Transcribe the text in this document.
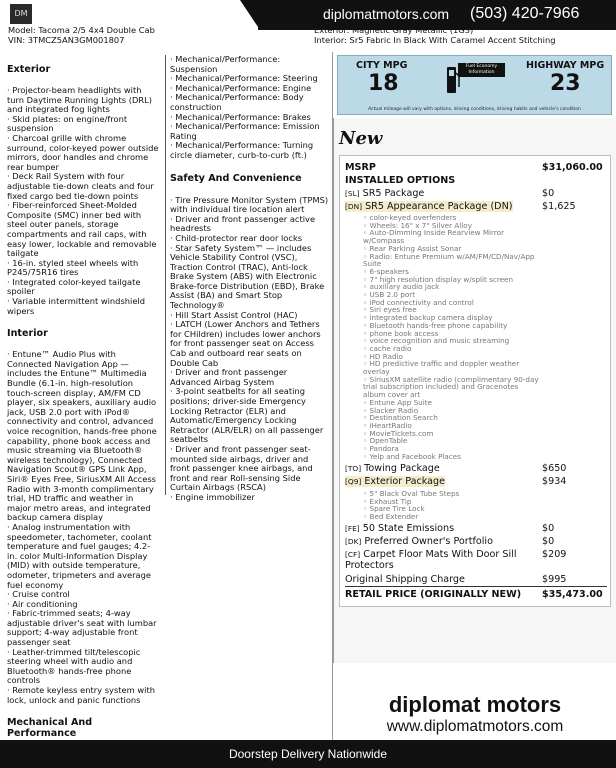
DM	diplomatmotors.com (503) 420-7966
Model: Tacoma 2/5 4x4 Double Cab
VIN: 3TMCZ5AN3GM001807
Exterior: Magnetic Gray Metallic (1G3)
Interior: Sr5 Fabric In Black With Caramel Accent Stitching
Exterior
· Projector-beam headlights with turn Daytime Running Lights (DRL) and integrated fog lights
· Skid plates: on engine/front suspension
· Charcoal grille with chrome surround, color-keyed power outside mirrors, door handles and chrome rear bumper
· Deck Rail System with four adjustable tie-down cleats and four fixed cargo bed tie-down points
· Fiber-reinforced Sheet-Molded Composite (SMC) inner bed with steel outer panels, storage compartments and rail caps, with easy lower, lockable and removable tailgate
· 16-in. styled steel wheels with P245/75R16 tires
· Integrated color-keyed tailgate spoiler
· Variable intermittent windshield wipers
Interior
· Entune™ Audio Plus with Connected Navigation App — includes the Entune™ Multimedia Bundle (6.1-in. high-resolution touch-screen display, AM/FM CD player, six speakers, auxiliary audio jack, USB 2.0 port with iPod® connectivity and control, advanced voice recognition, hands-free phone capability, phone book access and music streaming via Bluetooth® wireless technology), Connected Navigation Scout® GPS Link App, Siri® Eyes Free, SiriusXM All Access Radio with 3-month complimentary trial, HD traffic and weather in major metro areas, and integrated backup camera display
· Analog instrumentation with speedometer, tachometer, coolant temperature and fuel gauges; 4.2-in. color Multi-Information Display (MID) with outside temperature, odometer, tripmeters and average fuel economy
· Cruise control
· Air conditioning
· Fabric-trimmed seats; 4-way adjustable driver's seat with lumbar support; 4-way adjustable front passenger seat
· Leather-trimmed tilt/telescopic steering wheel with audio and Bluetooth® hands-free phone controls
· Remote keyless entry system with lock, unlock and panic functions
Mechanical And Performance
· Mechanical/Performance: Suspension
· Mechanical/Performance: Steering
· Mechanical/Performance: Engine
· Mechanical/Performance: Body construction
· Mechanical/Performance: Brakes
· Mechanical/Performance: Emission Rating
· Mechanical/Performance: Turning circle diameter, curb-to-curb (ft.)
Safety And Convenience
· Tire Pressure Monitor System (TPMS) with individual tire location alert
· Driver and front passenger active headrests
· Child-protector rear door locks
· Star Safety System™ — includes Vehicle Stability Control (VSC), Traction Control (TRAC), Anti-lock Brake System (ABS) with Electronic Brake-force Distribution (EBD), Brake Assist (BA) and Smart Stop Technology®
· Hill Start Assist Control (HAC)
· LATCH (Lower Anchors and Tethers for CHildren) includes lower anchors for front passenger seat on Access Cab and outboard rear seats on Double Cab
· Driver and front passenger Advanced Airbag System
· 3-point seatbelts for all seating positions; driver-side Emergency Locking Retractor (ELR) and Automatic/Emergency Locking Retractor (ALR/ELR) on all passenger seatbelts
· Driver and front passenger seat-mounted side airbags, driver and front passenger knee airbags, and front and rear Roll-sensing Side Curtain Airbags (RSCA)
· Engine immobilizer
CITY MPG
18
Fuel Economy Information
HIGHWAY MPG
23
Actual mileage will vary with options, driving conditions, driving habits and vehicle's condition
New
MSRP	$31,060.00
INSTALLED OPTIONS
[SL] SR5 Package	$0
[DN] SR5 Appearance Package (DN)	$1,625
◦ color-keyed overfenders
◦ Wheels: 16" x 7" Silver Alloy
◦ Auto-Dimming Inside Rearview Mirror w/Compass
◦ Rear Parking Assist Sonar
◦ Radio: Entune Premium w/AM/FM/CD/Nav/App Suite
◦ 6-speakers
◦ 7" high resolution display w/split screen
◦ auxiliary audio jack
◦ USB 2.0 port
◦ iPod connectivity and control
◦ Siri eyes free
◦ integrated backup camera display
◦ Bluetooth hands-free phone capability
◦ phone book access
◦ voice recognition and music streaming
◦ cache radio
◦ HD Radio
◦ HD predictive traffic and doppler weather overlay
◦ SiriusXM satellite radio (complimentary 90-day trial subscription included) and Gracenotes album cover art
◦ Entune App Suite
◦ Slacker Radio
◦ Destination Search
◦ iHeartRadio
◦ MovieTickets.com
◦ OpenTable
◦ Pandora
◦ Yelp and Facebook Places
[TO] Towing Package	$650
[Q9] Exterior Package	$934
◦ 5" Black Oval Tube Steps
◦ Exhaust Tip
◦ Spare Tire Lock
◦ Bed Extender
[FE] 50 State Emissions	$0
[DK] Preferred Owner's Portfolio	$0
[CF] Carpet Floor Mats With Door Sill Protectors
$209
Original Shipping Charge	$995
RETAIL PRICE (ORIGINALLY NEW) $35,473.00
diplomat motors
www.diplomatmotors.com
Doorstep Delivery Nationwide
